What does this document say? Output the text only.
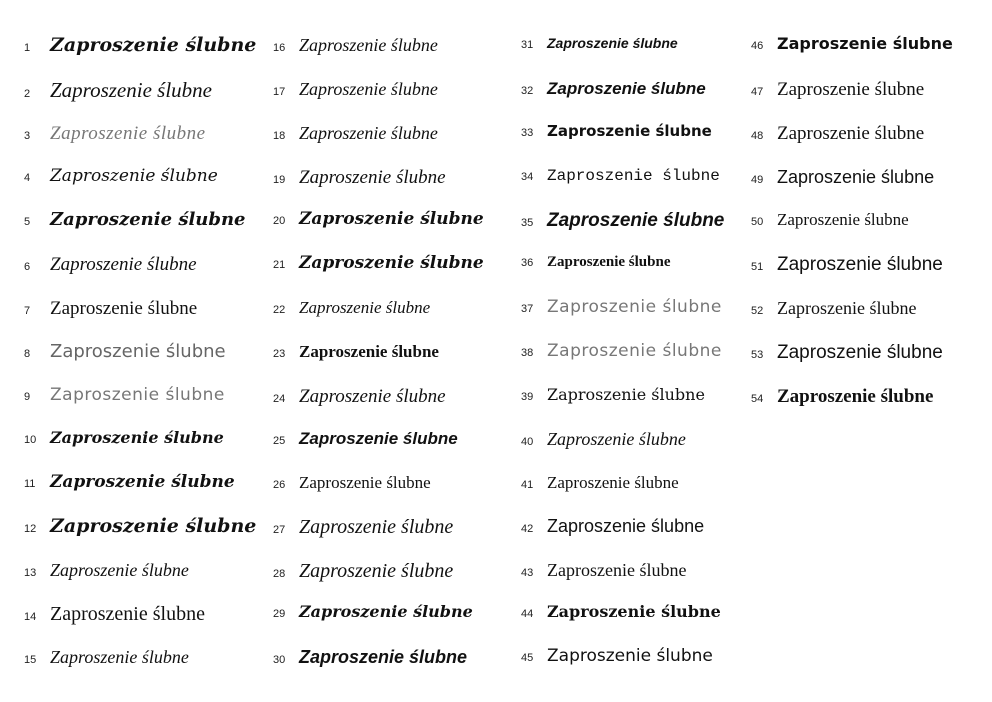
1	Zaproszenie ślubne
2 Zaproszenie ślubne
3	Zaproszenie ślubne
4	Zaproszenie ślubne
5	Zaproszenie ślubne
6	Zaproszenie ślubne
7	Zaproszenie ślubne
8	Zaproszenie ślubne
9	Zaproszenie ślubne
10 Zaproszenie ślubne
11 Zaproszenie ślubne
12 Zaproszenie ślubne
13 Zaproszenie ślubne
14 Zaproszenie ślubne
15 Zaproszenie ślubne
16 Zaproszenie ślubne
17 Zaproszenie ślubne
18 Zaproszenie ślubne
19 Zaproszenie ślubne
20 Zaproszenie ślubne
21 Zaproszenie ślubne
22 Zaproszenie ślubne
23 Zaproszenie ślubne
24 Zaproszenie ślubne
25 Zaproszenie ślubne
26 Zaproszenie ślubne
27 Zaproszenie ślubne
28 Zaproszenie ślubne
29 Zaproszenie ślubne
30 Zaproszenie ślubne
31 Zaproszenie ślubne
32 Zaproszenie ślubne
33 Zaproszenie ślubne
34 Zaproszenie ślubne
35 Zaproszenie ślubne
36 Zaproszenie ślubne
37 Zaproszenie ślubne
38 Zaproszenie ślubne
39 Zaproszenie ślubne
40 Zaproszenie ślubne
41 Zaproszenie ślubne
42 Zaproszenie ślubne
43 Zaproszenie ślubne
44 Zaproszenie ślubne
45 Zaproszenie ślubne
46 Zaproszenie ślubne
47 Zaproszenie ślubne
48 Zaproszenie ślubne
49 Zaproszenie ślubne
50 Zaproszenie ślubne
51 Zaproszenie ślubne
52 Zaproszenie ślubne
53 Zaproszenie ślubne
54 Zaproszenie ślubne
